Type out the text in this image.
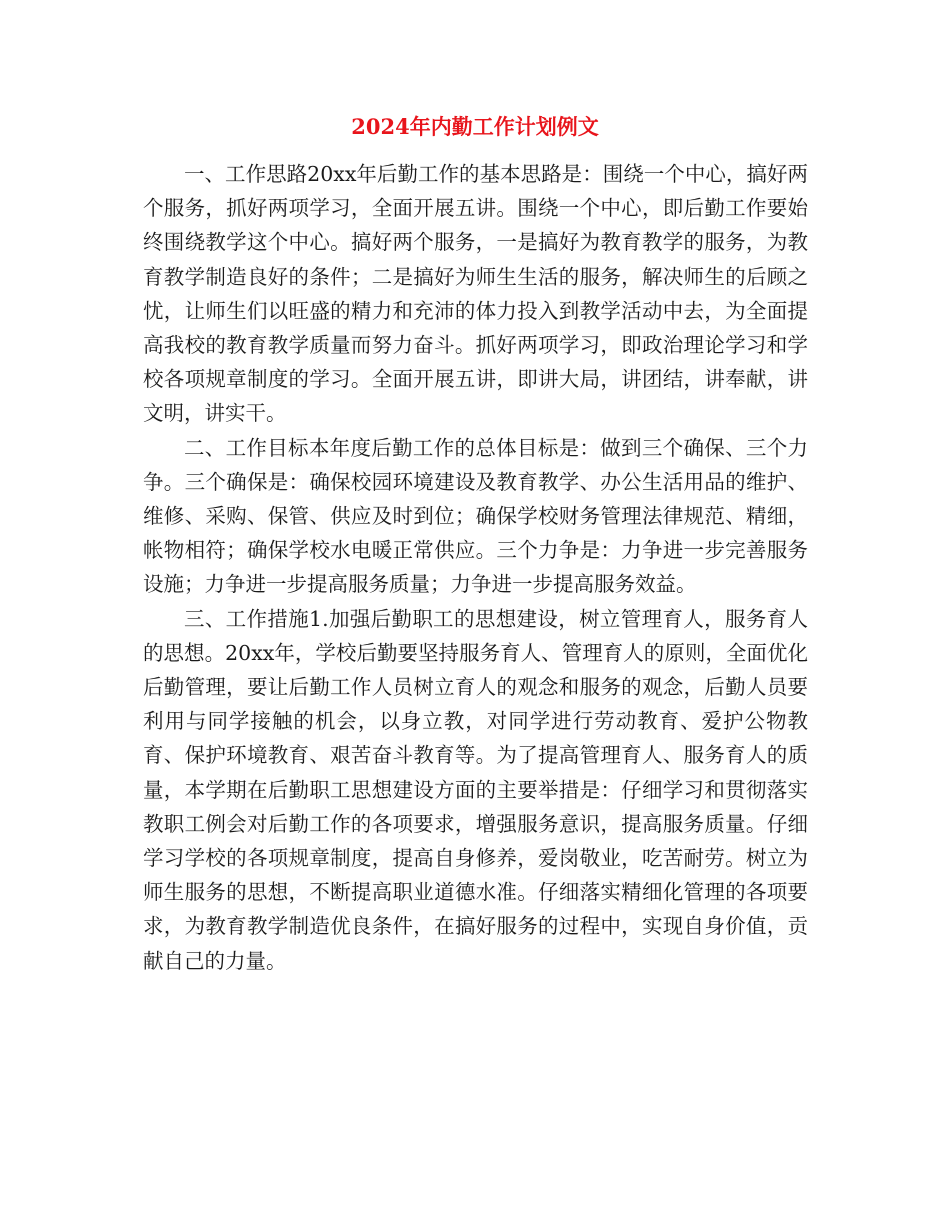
2024年内勤工作计划例文

一、工作思路20xx年后勤工作的基本思路是：围绕一个中心，搞好两个服务，抓好两项学习，全面开展五讲。围绕一个中心，即后勤工作要始终围绕教学这个中心。搞好两个服务，一是搞好为教育教学的服务，为教育教学制造良好的条件；二是搞好为师生生活的服务，解决师生的后顾之忧，让师生们以旺盛的精力和充沛的体力投入到教学活动中去，为全面提高我校的教育教学质量而努力奋斗。抓好两项学习，即政治理论学习和学校各项规章制度的学习。全面开展五讲，即讲大局，讲团结，讲奉献，讲文明，讲实干。

二、工作目标本年度后勤工作的总体目标是：做到三个确保、三个力争。三个确保是：确保校园环境建设及教育教学、办公生活用品的维护、维修、采购、保管、供应及时到位；确保学校财务管理法律规范、精细，帐物相符；确保学校水电暖正常供应。三个力争是：力争进一步完善服务设施；力争进一步提高服务质量；力争进一步提高服务效益。

三、工作措施1.加强后勤职工的思想建设，树立管理育人，服务育人的思想。20xx年，学校后勤要坚持服务育人、管理育人的原则，全面优化后勤管理，要让后勤工作人员树立育人的观念和服务的观念，后勤人员要利用与同学接触的机会，以身立教，对同学进行劳动教育、爱护公物教育、保护环境教育、艰苦奋斗教育等。为了提高管理育人、服务育人的质量，本学期在后勤职工思想建设方面的主要举措是：仔细学习和贯彻落实教职工例会对后勤工作的各项要求，增强服务意识，提高服务质量。仔细学习学校的各项规章制度，提高自身修养，爱岗敬业，吃苦耐劳。树立为师生服务的思想，不断提高职业道德水准。仔细落实精细化管理的各项要求，为教育教学制造优良条件，在搞好服务的过程中，实现自身价值，贡献自己的力量。
